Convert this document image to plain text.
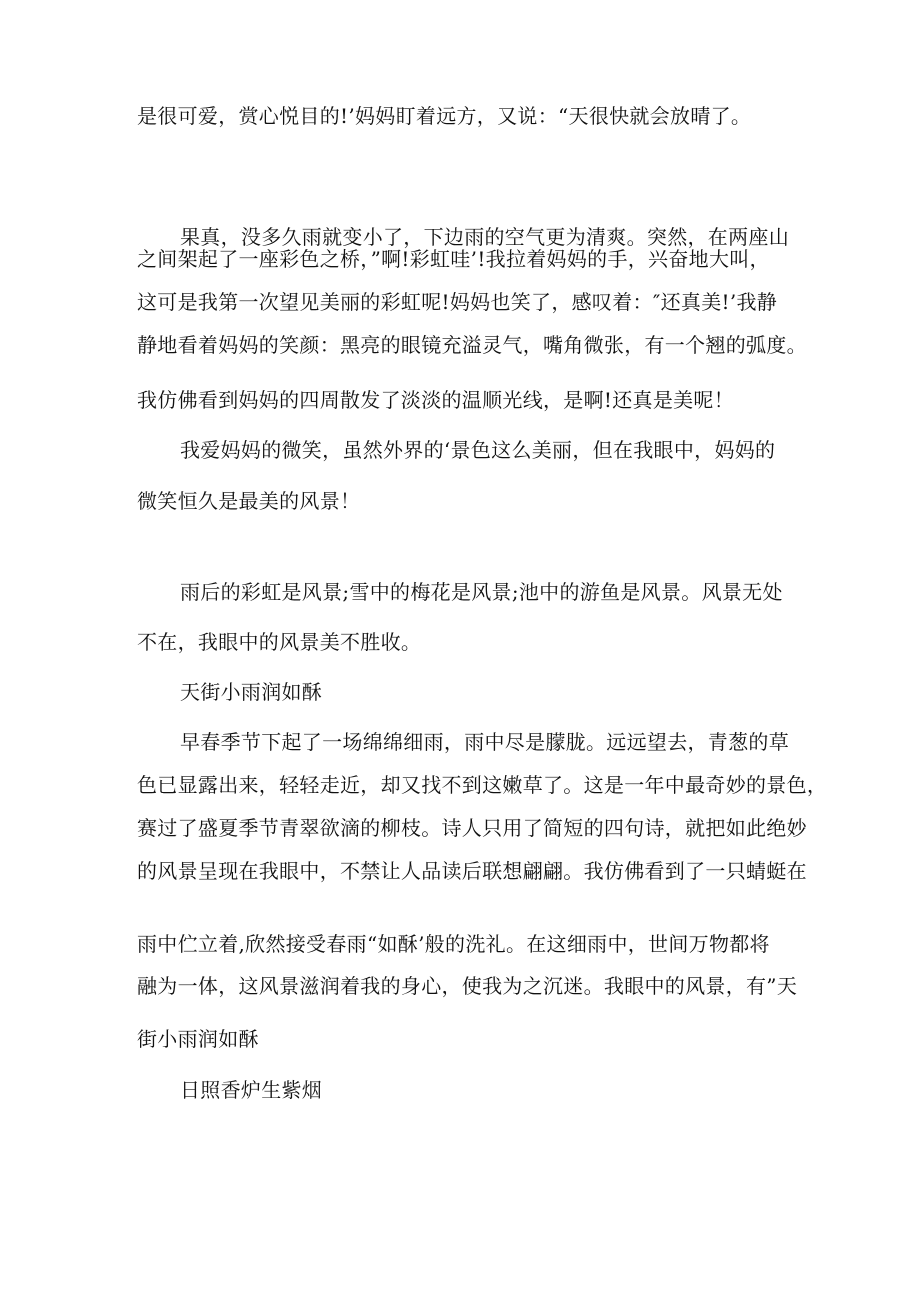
是很可爱，赏心悦目的!’妈妈盯着远方，又说：“天很快就会放晴了。
果真，没多久雨就变小了，下边雨的空气更为清爽。突然，在两座山
之间架起了一座彩色之桥，”啊!彩虹哇’!我拉着妈妈的手，兴奋地大叫，
这可是我第一次望见美丽的彩虹呢!妈妈也笑了，感叹着：″还真美!’我静
静地看着妈妈的笑颜：黑亮的眼镜充溢灵气，嘴角微张，有一个翘的弧度。
我仿佛看到妈妈的四周散发了淡淡的温顺光线，是啊!还真是美呢！
我爱妈妈的微笑，虽然外界的‘景色这么美丽，但在我眼中，妈妈的
微笑恒久是最美的风景！
雨后的彩虹是风景;雪中的梅花是风景;池中的游鱼是风景。风景无处
不在，我眼中的风景美不胜收。
天街小雨润如酥
早春季节下起了一场绵绵细雨，雨中尽是朦胧。远远望去，青葱的草
色已显露出来，轻轻走近，却又找不到这嫩草了。这是一年中最奇妙的景色，
赛过了盛夏季节青翠欲滴的柳枝。诗人只用了简短的四句诗，就把如此绝妙
的风景呈现在我眼中，不禁让人品读后联想翩翩。我仿佛看到了一只蜻蜓在
雨中伫立着,欣然接受春雨“如酥’般的洗礼。在这细雨中，世间万物都将
融为一体，这风景滋润着我的身心，使我为之沉迷。我眼中的风景，有”天
街小雨润如酥
日照香炉生紫烟
